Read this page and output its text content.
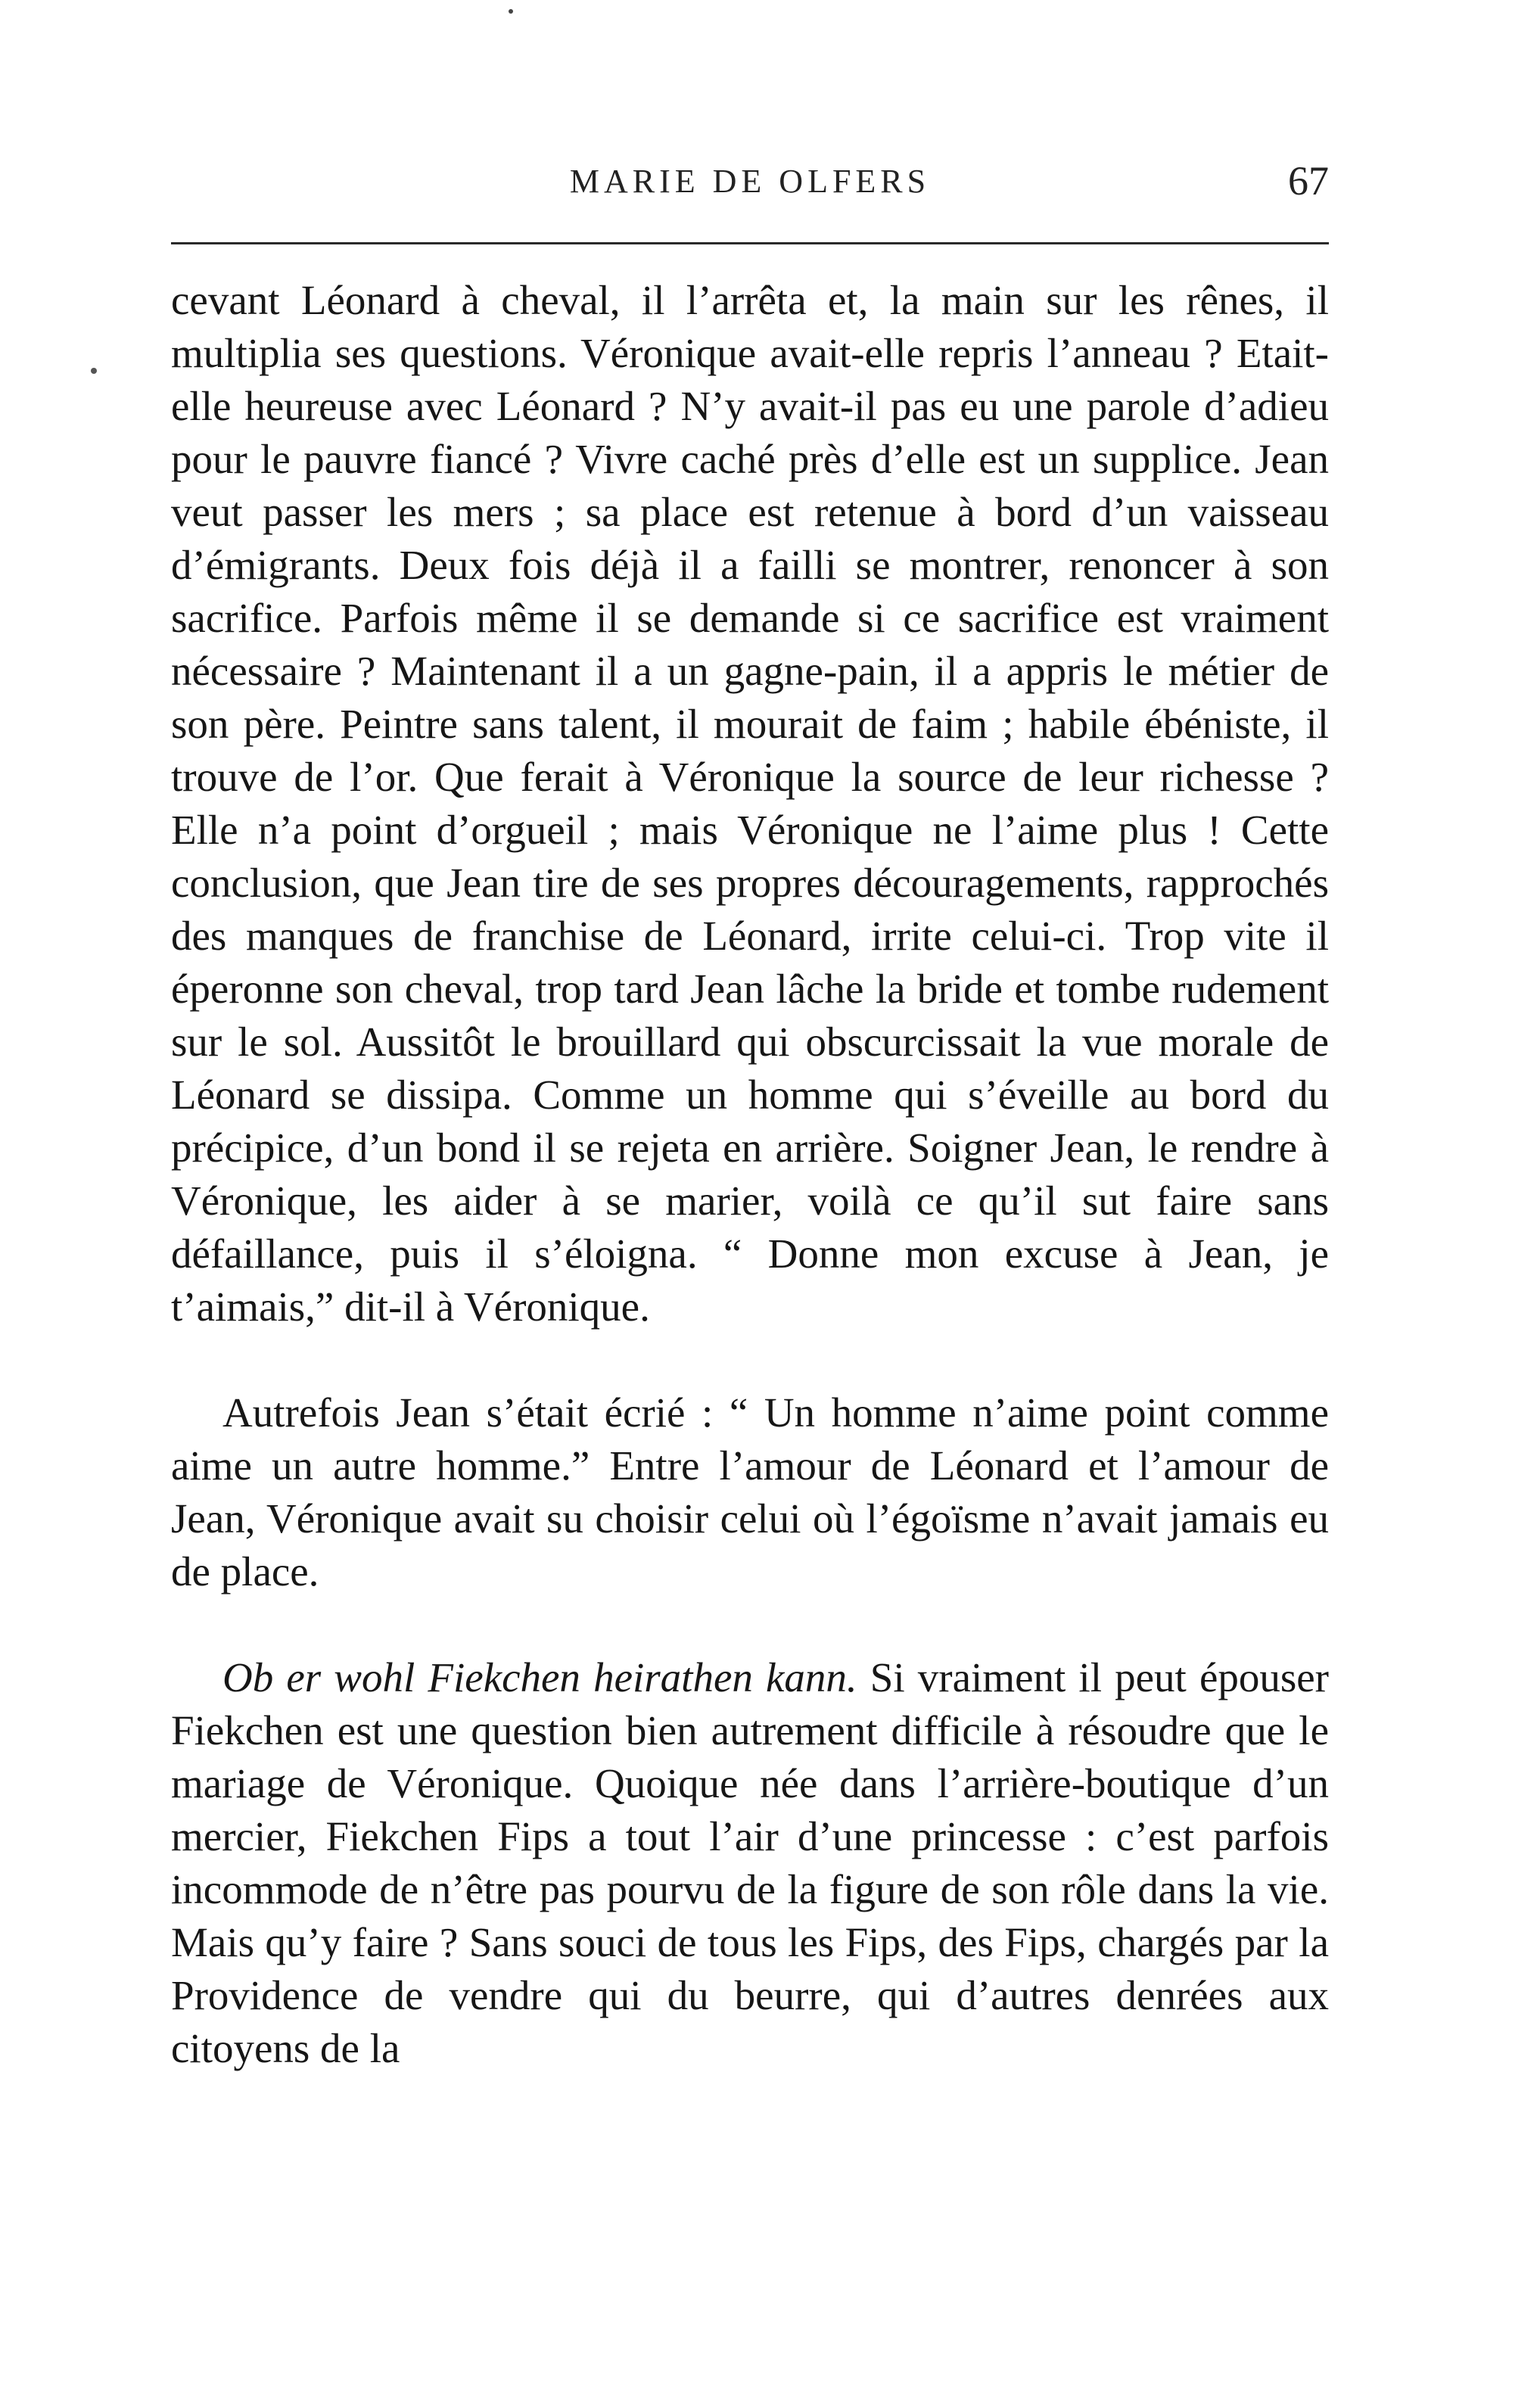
MARIE DE OLFERS	67

cevant Léonard à cheval, il l’arrêta et, la main sur les rênes, il multiplia ses questions. Véronique avait-elle repris l’anneau ? Etait-elle heureuse avec Léonard ? N’y avait-il pas eu une parole d’adieu pour le pauvre fiancé ? Vivre caché près d’elle est un supplice. Jean veut passer les mers ; sa place est retenue à bord d’un vaisseau d’émigrants. Deux fois déjà il a failli se montrer, renoncer à son sacrifice. Parfois même il se demande si ce sacrifice est vraiment nécessaire ? Maintenant il a un gagne-pain, il a appris le métier de son père. Peintre sans talent, il mourait de faim ; habile ébéniste, il trouve de l’or. Que ferait à Véronique la source de leur richesse ? Elle n’a point d’orgueil ; mais Véronique ne l’aime plus ! Cette conclusion, que Jean tire de ses propres découragements, rapprochés des manques de franchise de Léonard, irrite celui-ci. Trop vite il éperonne son cheval, trop tard Jean lâche la bride et tombe rudement sur le sol. Aussitôt le brouillard qui obscurcissait la vue morale de Léonard se dissipa. Comme un homme qui s’éveille au bord du précipice, d’un bond il se rejeta en arrière. Soigner Jean, le rendre à Véronique, les aider à se marier, voilà ce qu’il sut faire sans défaillance, puis il s’éloigna. “ Donne mon excuse à Jean, je t’aimais,” dit-il à Véronique.

Autrefois Jean s’était écrié : “ Un homme n’aime point comme aime un autre homme.” Entre l’amour de Léonard et l’amour de Jean, Véronique avait su choisir celui où l’égoïsme n’avait jamais eu de place.

Ob er wohl Fiekchen heirathen kann. Si vraiment il peut épouser Fiekchen est une question bien autrement difficile à résoudre que le mariage de Véronique. Quoique née dans l’arrière-boutique d’un mercier, Fiekchen Fips a tout l’air d’une princesse : c’est parfois incommode de n’être pas pourvu de la figure de son rôle dans la vie. Mais qu’y faire ? Sans souci de tous les Fips, des Fips, chargés par la Providence de vendre qui du beurre, qui d’autres denrées aux citoyens de la
